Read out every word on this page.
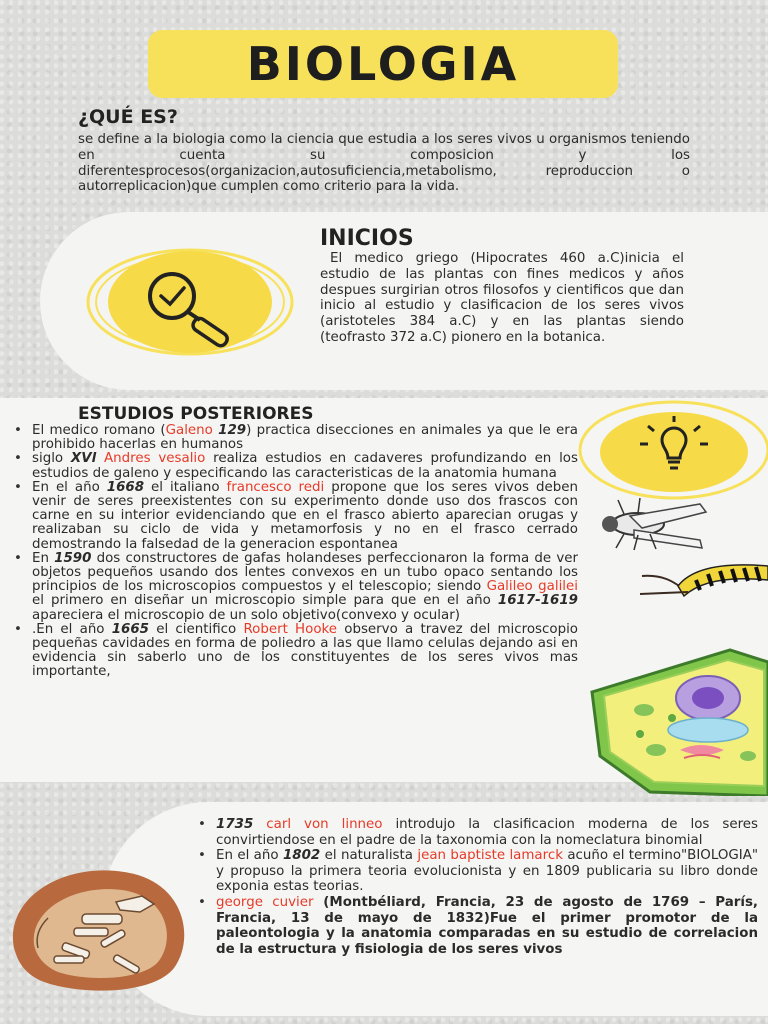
BIOLOGIA
¿QUÉ ES?

se define a la biologia como la ciencia que estudia a los seres vivos u organismos teniendo en cuenta su composicion y los diferentesprocesos(organizacion,autosuficiencia,metabolismo, reproduccion o autorreplicacion)que cumplen como criterio para la vida.

INICIOS

El medico griego (Hipocrates 460 a.C)inicia el estudio de las plantas con fines medicos y años despues surgirian otros filosofos y cientificos que dan inicio al estudio y clasificacion de los seres vivos (aristoteles 384 a.C) y en las plantas siendo (teofrasto 372 a.C) pionero en la botanica.

ESTUDIOS POSTERIORES
• El medico romano (Galeno 129) practica disecciones en animales ya que le era prohibido hacerlas en humanos
• siglo XVl Andres vesalio realiza estudios en cadaveres profundizando en los estudios de galeno y especificando las caracteristicas de la anatomia humana
• En el año 1668 el italiano francesco redi propone que los seres vivos deben venir de seres preexistentes con su experimento donde uso dos frascos con carne en su interior evidenciando que en el frasco abierto aparecian orugas y realizaban su ciclo de vida y metamorfosis y no en el frasco cerrado demostrando la falsedad de la generacion espontanea
• En 1590 dos constructores de gafas holandeses perfeccionaron la forma de ver objetos pequeños usando dos lentes convexos en un tubo opaco sentando los principios de los microscopios compuestos y el telescopio; siendo Galileo galilei el primero en diseñar un microscopio simple para que en el año 1617-1619 apareciera el microscopio de un solo objetivo(convexo y ocular)
• .En el año 1665 el cientifico Robert Hooke observo a travez del microscopio pequeñas cavidades en forma de poliedro a las que llamo celulas dejando asi en evidencia sin saberlo uno de los constituyentes de los seres vivos mas importante,
• 1735 carl von linneo introdujo la clasificacion moderna de los seres convirtiendose en el padre de la taxonomia con la nomeclatura binomial
• En el año 1802 el naturalista jean baptiste lamarck acuño el termino"BIOLOGIA" y propuso la primera teoria evolucionista y en 1809 publicaria su libro donde exponia estas teorias.
• george cuvier (Montbéliard, Francia, 23 de agosto de 1769 – París, Francia, 13 de mayo de 1832)Fue el primer promotor de la paleontologia y la anatomia comparadas en su estudio de correlacion de la estructura y fisiologia de los seres vivos
